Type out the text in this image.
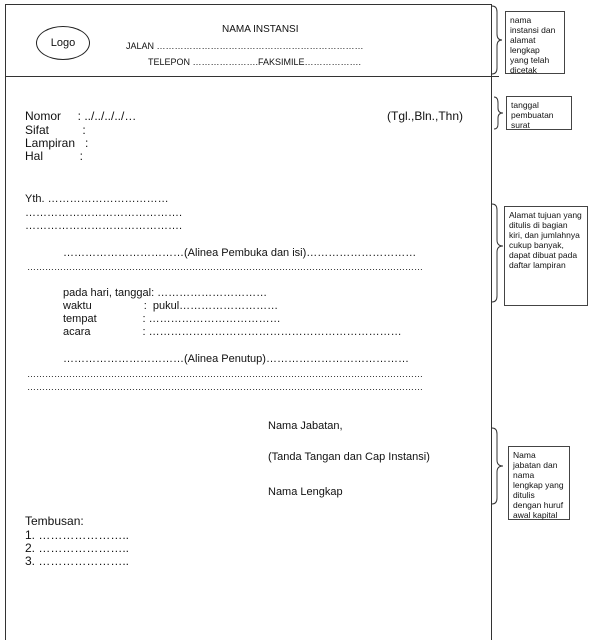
Logo
NAMA INSTANSI
JALAN ……………………………………………………………
TELEPON ………………….FAKSIMILE……………….
Nomor     : ../../../../…	(Tgl.,Bln.,Thn)
Sifat          :
Lampiran   :
Hal           :
Yth. ……………………………
…………………………………….
…………………………………….
……………………………(Alinea Pembuka dan isi)…………………………
……………………………………………………………………………………………………………………
pada hari, tanggal: …………………………
waktu                 :  pukul………………………
tempat               : ………………………………
acara                 : ……………………………………………………………
……………………………(Alinea Penutup)…………………………………
……………………………………………………………………………………………………………………
……………………………………………………………………………………………………………………
Nama Jabatan,
(Tanda Tangan dan Cap Instansi)
Nama Lengkap
Tembusan:
1. …………………..
2. …………………..
3. …………………..
nama instansi dan alamat lengkap yang telah dicetak
tanggal pembuatan surat
Alamat tujuan yang ditulis di bagian kiri, dan jumlahnya cukup banyak, dapat dibuat pada daftar lampiran
Nama jabatan dan nama lengkap yang ditulis dengan huruf awal kapital
